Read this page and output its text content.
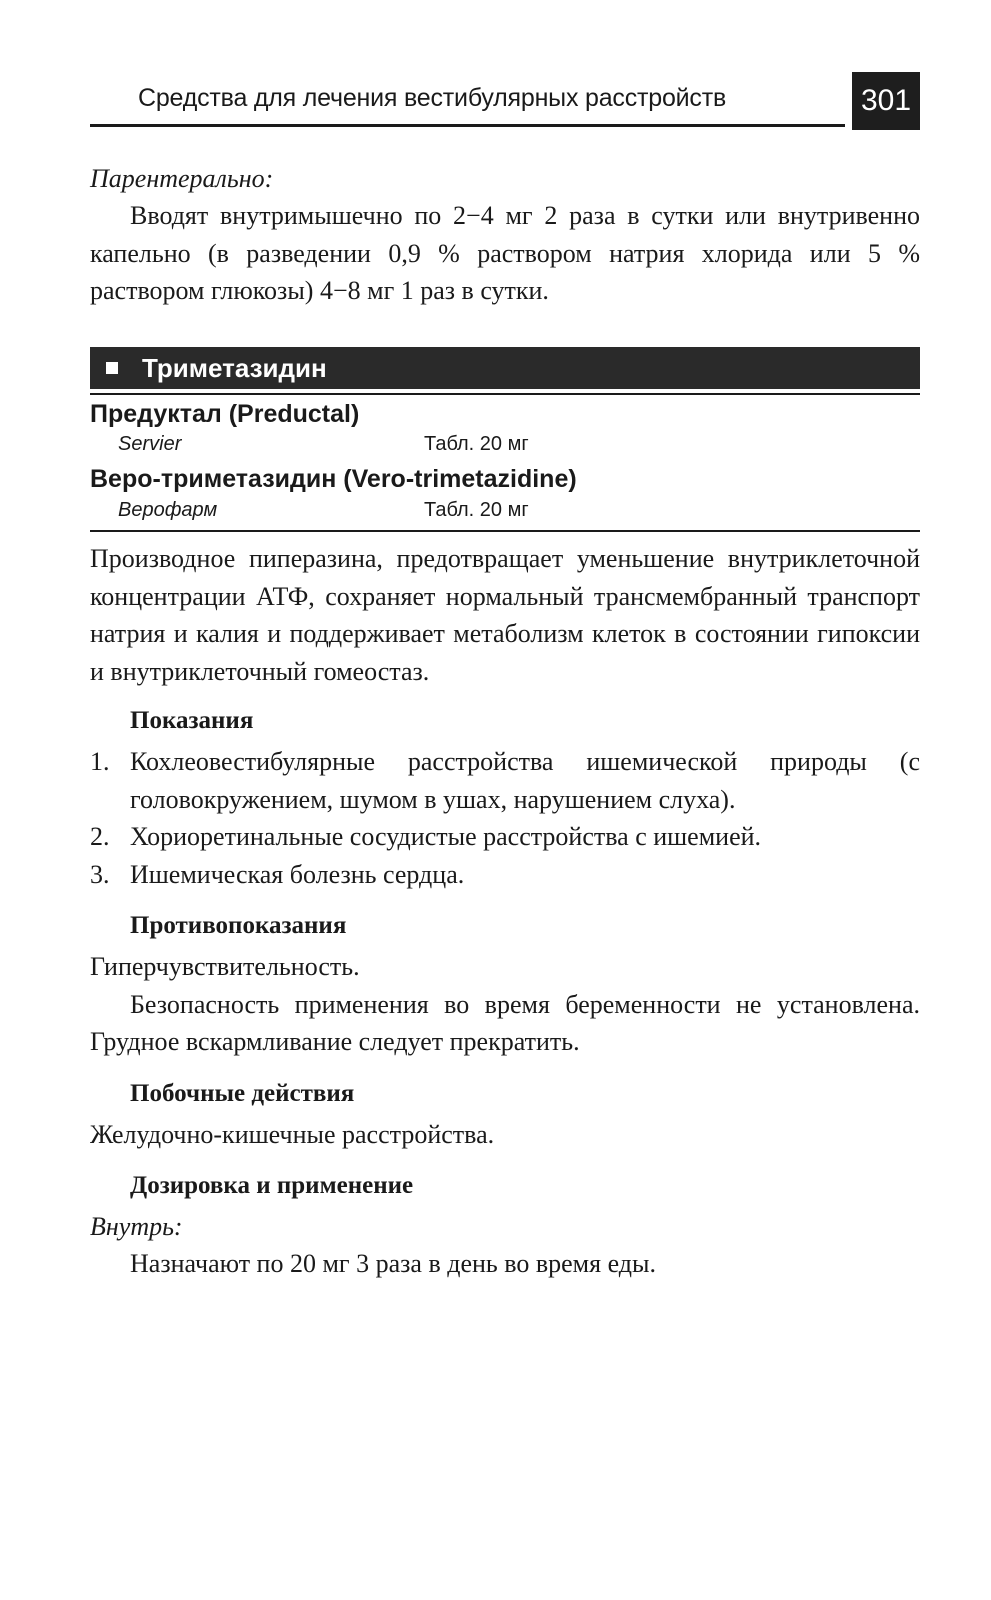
Средства для лечения вестибулярных расстройств	301

Парентерально:

Вводят внутримышечно по 2−4 мг 2 раза в сутки или внутривенно капельно (в разведении 0,9 % раствором натрия хлорида или 5 % раствором глюкозы) 4−8 мг 1 раз в сутки.

Триметазидин
Предуктал (Preductal)
Servier	Табл. 20 мг
Веро-триметазидин (Vero-trimetazidine)
Верофарм	Табл. 20 мг

Производное пиперазина, предотвращает уменьшение внутриклеточной концентрации АТФ, сохраняет нормальный трансмембранный транспорт натрия и калия и поддерживает метаболизм клеток в состоянии гипоксии и внутриклеточный гомеостаз.

Показания

1. Кохлеовестибулярные расстройства ишемической природы (с головокружением, шумом в ушах, нарушением слуха).
2. Хориоретинальные сосудистые расстройства с ишемией.
3. Ишемическая болезнь сердца.

Противопоказания

Гиперчувствительность.

Безопасность применения во время беременности не установлена. Грудное вскармливание следует прекратить.

Побочные действия

Желудочно-кишечные расстройства.

Дозировка и применение

Внутрь:

Назначают по 20 мг 3 раза в день во время еды.
